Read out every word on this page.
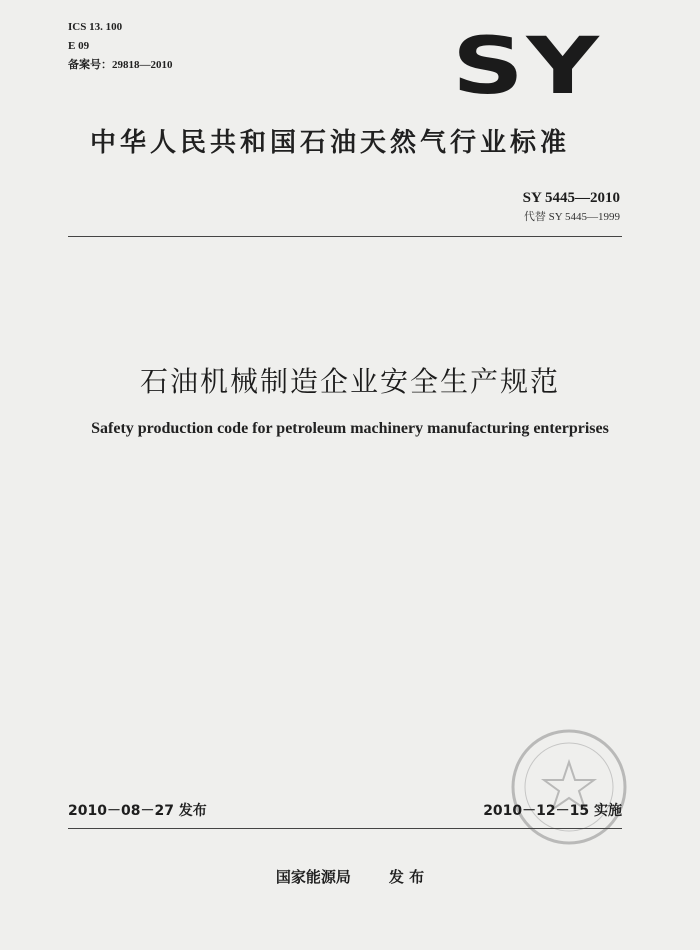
ICS 13. 100
E 09
备案号：29818—2010	SY
中华人民共和国石油天然气行业标准
SY 5445—2010
代替 SY 5445—1999
石油机械制造企业安全生产规范
Safety production code for petroleum machinery manufacturing enterprises
2010－08－27 发布	2010－12－15 实施
国家能源局	发 布
